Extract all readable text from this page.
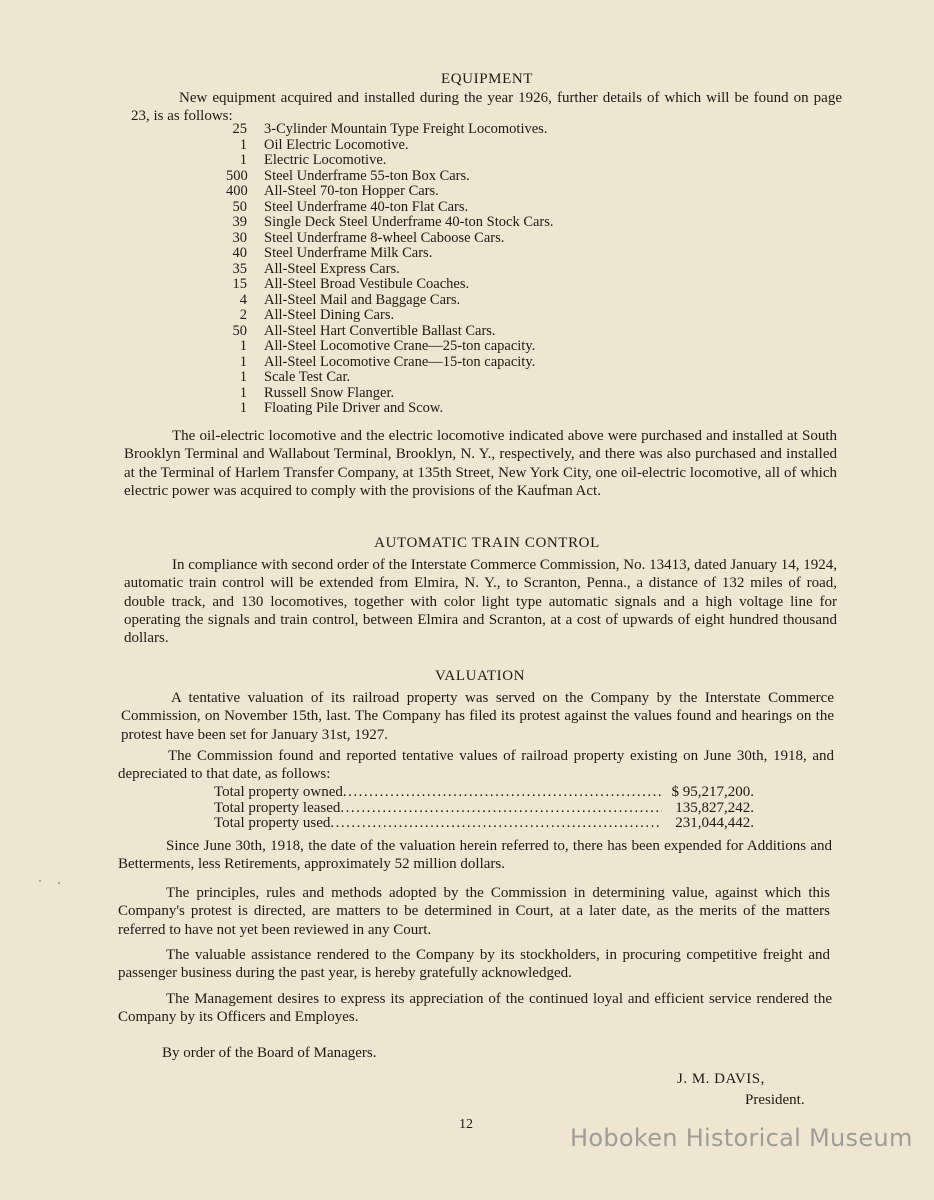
EQUIPMENT

New equipment acquired and installed during the year 1926, further details of which will be found on page 23, is as follows:

25 3-Cylinder Mountain Type Freight Locomotives.
1 Oil Electric Locomotive.
1 Electric Locomotive.
500 Steel Underframe 55-ton Box Cars.
400 All-Steel 70-ton Hopper Cars.
50 Steel Underframe 40-ton Flat Cars.
39 Single Deck Steel Underframe 40-ton Stock Cars.
30 Steel Underframe 8-wheel Caboose Cars.
40 Steel Underframe Milk Cars.
35 All-Steel Express Cars.
15 All-Steel Broad Vestibule Coaches.
4 All-Steel Mail and Baggage Cars.
2 All-Steel Dining Cars.
50 All-Steel Hart Convertible Ballast Cars.
1 All-Steel Locomotive Crane—25-ton capacity.
1 All-Steel Locomotive Crane—15-ton capacity.
1 Scale Test Car.
1 Russell Snow Flanger.
1 Floating Pile Driver and Scow.

The oil-electric locomotive and the electric locomotive indicated above were purchased and installed at South Brooklyn Terminal and Wallabout Terminal, Brooklyn, N. Y., respectively, and there was also purchased and installed at the Terminal of Harlem Transfer Company, at 135th Street, New York City, one oil-electric locomotive, all of which electric power was acquired to comply with the provisions of the Kaufman Act.

AUTOMATIC TRAIN CONTROL

In compliance with second order of the Interstate Commerce Commission, No. 13413, dated January 14, 1924, automatic train control will be extended from Elmira, N. Y., to Scranton, Penna., a distance of 132 miles of road, double track, and 130 locomotives, together with color light type automatic signals and a high voltage line for operating the signals and train control, between Elmira and Scranton, at a cost of upwards of eight hundred thousand dollars.

VALUATION

A tentative valuation of its railroad property was served on the Company by the Interstate Commerce Commission, on November 15th, last. The Company has filed its protest against the values found and hearings on the protest have been set for January 31st, 1927.

The Commission found and reported tentative values of railroad property existing on June 30th, 1918, and depreciated to that date, as follows:

Total property owned .....	$ 95,217,200.
Total property leased .....	135,827,242.
Total property used .....	231,044,442.

Since June 30th, 1918, the date of the valuation herein referred to, there has been expended for Additions and Betterments, less Retirements, approximately 52 million dollars.

The principles, rules and methods adopted by the Commission in determining value, against which this Company's protest is directed, are matters to be determined in Court, at a later date, as the merits of the matters referred to have not yet been reviewed in any Court.

The valuable assistance rendered to the Company by its stockholders, in procuring competitive freight and passenger business during the past year, is hereby gratefully acknowledged.

The Management desires to express its appreciation of the continued loyal and efficient service rendered the Company by its Officers and Employes.

By order of the Board of Managers.
J. M. DAVIS,
President.
12	Hoboken Historical Museum
